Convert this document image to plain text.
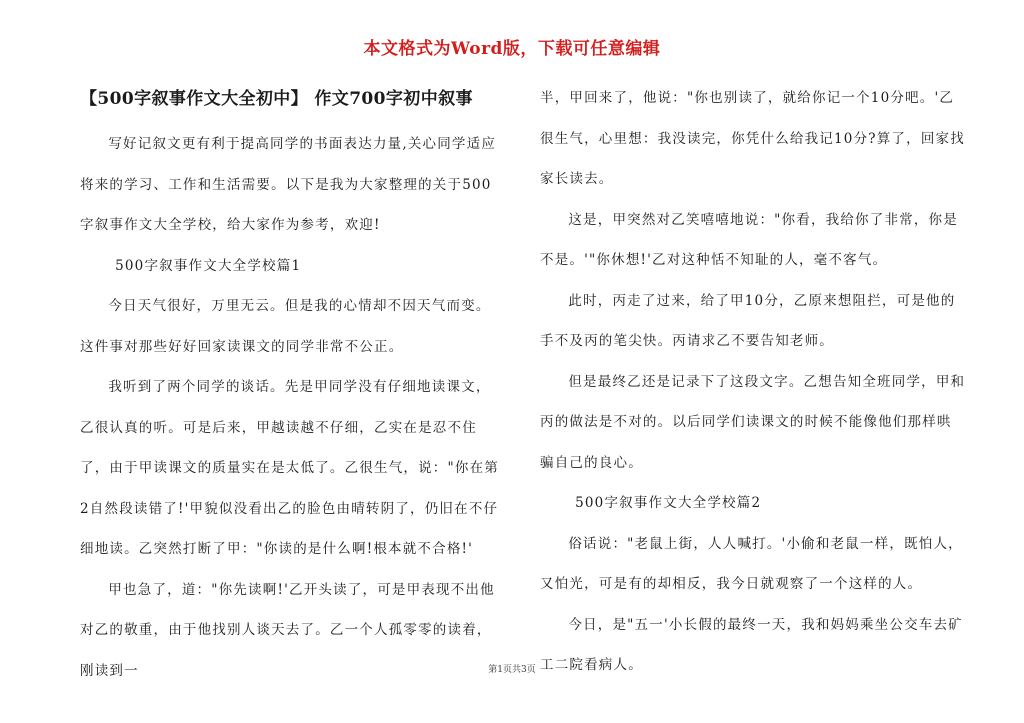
本文格式为Word版，下载可任意编辑
【500字叙事作文大全初中】 作文700字初中叙事

写好记叙文更有利于提高同学的书面表达力量,关心同学适应将来的学习、工作和生活需要。以下是我为大家整理的关于500字叙事作文大全学校，给大家作为参考，欢迎!

500字叙事作文大全学校篇1

今日天气很好，万里无云。但是我的心情却不因天气而变。这件事对那些好好回家读课文的同学非常不公正。

我听到了两个同学的谈话。先是甲同学没有仔细地读课文，乙很认真的听。可是后来，甲越读越不仔细，乙实在是忍不住了，由于甲读课文的质量实在是太低了。乙很生气，说："你在第2自然段读错了!'甲貌似没看出乙的脸色由晴转阴了，仍旧在不仔细地读。乙突然打断了甲："你读的是什么啊!根本就不合格!'

甲也急了，道："你先读啊!'乙开头读了，可是甲表现不出他对乙的敬重，由于他找别人谈天去了。乙一个人孤零零的读着，刚读到一

半，甲回来了，他说："你也别读了，就给你记一个10分吧。'乙很生气，心里想：我没读完，你凭什么给我记10分?算了，回家找家长读去。

这是，甲突然对乙笑嘻嘻地说："你看，我给你了非常，你是不是。'"你休想!'乙对这种恬不知耻的人，毫不客气。

此时，丙走了过来，给了甲10分，乙原来想阻拦，可是他的手不及丙的笔尖快。丙请求乙不要告知老师。

但是最终乙还是记录下了这段文字。乙想告知全班同学，甲和丙的做法是不对的。以后同学们读课文的时候不能像他们那样哄骗自己的良心。

500字叙事作文大全学校篇2

俗话说："老鼠上街，人人喊打。'小偷和老鼠一样，既怕人，又怕光，可是有的却相反，我今日就观察了一个这样的人。

今日，是"五一'小长假的最终一天，我和妈妈乘坐公交车去矿工二院看病人。

第1页共3页
